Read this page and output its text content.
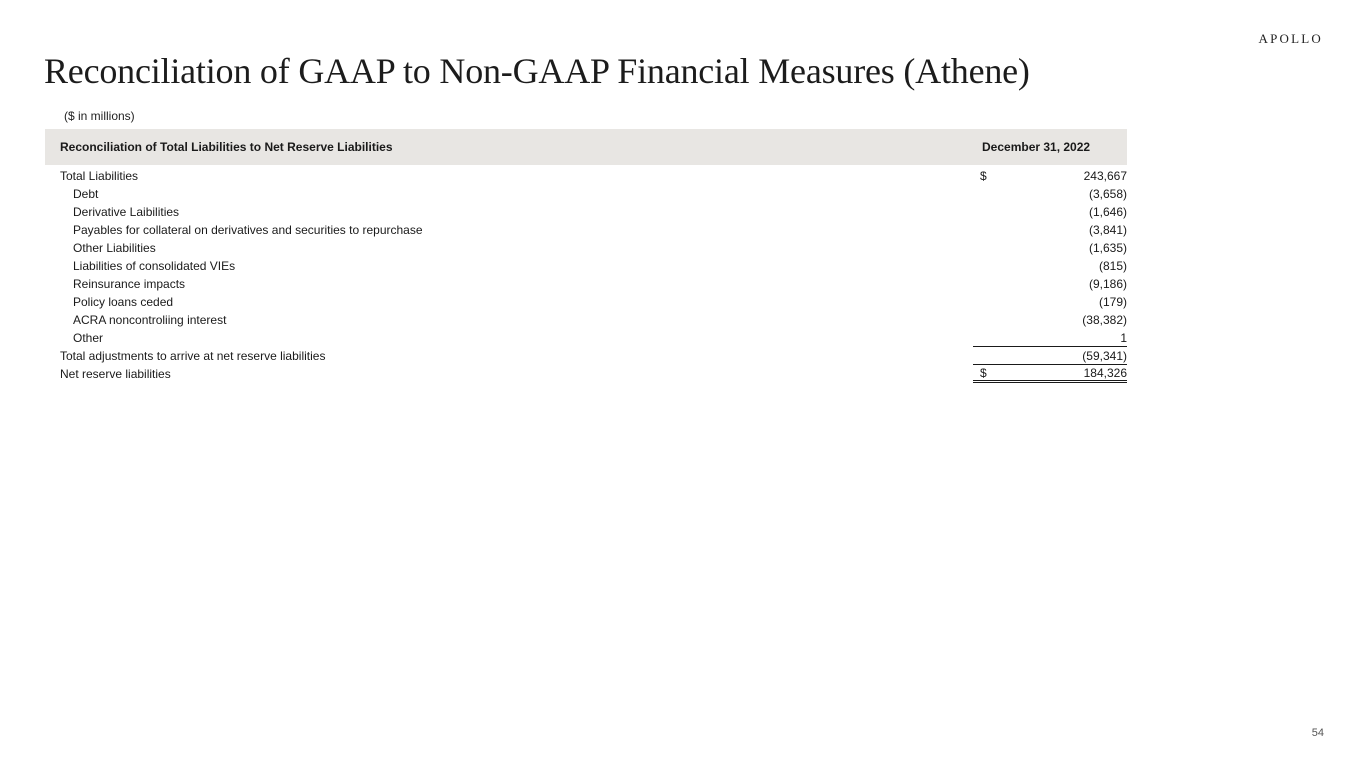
APOLLO
Reconciliation of GAAP to Non-GAAP Financial Measures (Athene)
($ in millions)
Reconciliation of Total Liabilities to Net Reserve Liabilities	December 31, 2022
Total Liabilities	$	243,667
Debt	(3,658)
Derivative Laibilities	(1,646)
Payables for collateral on derivatives and securities to repurchase	(3,841)
Other Liabilities	(1,635)
Liabilities of consolidated VIEs	(815)
Reinsurance impacts	(9,186)
Policy loans ceded	(179)
ACRA noncontroliing interest	(38,382)
Other	1
Total adjustments to arrive at net reserve liabilities	(59,341)
Net reserve liabilities	$	184,326
54
